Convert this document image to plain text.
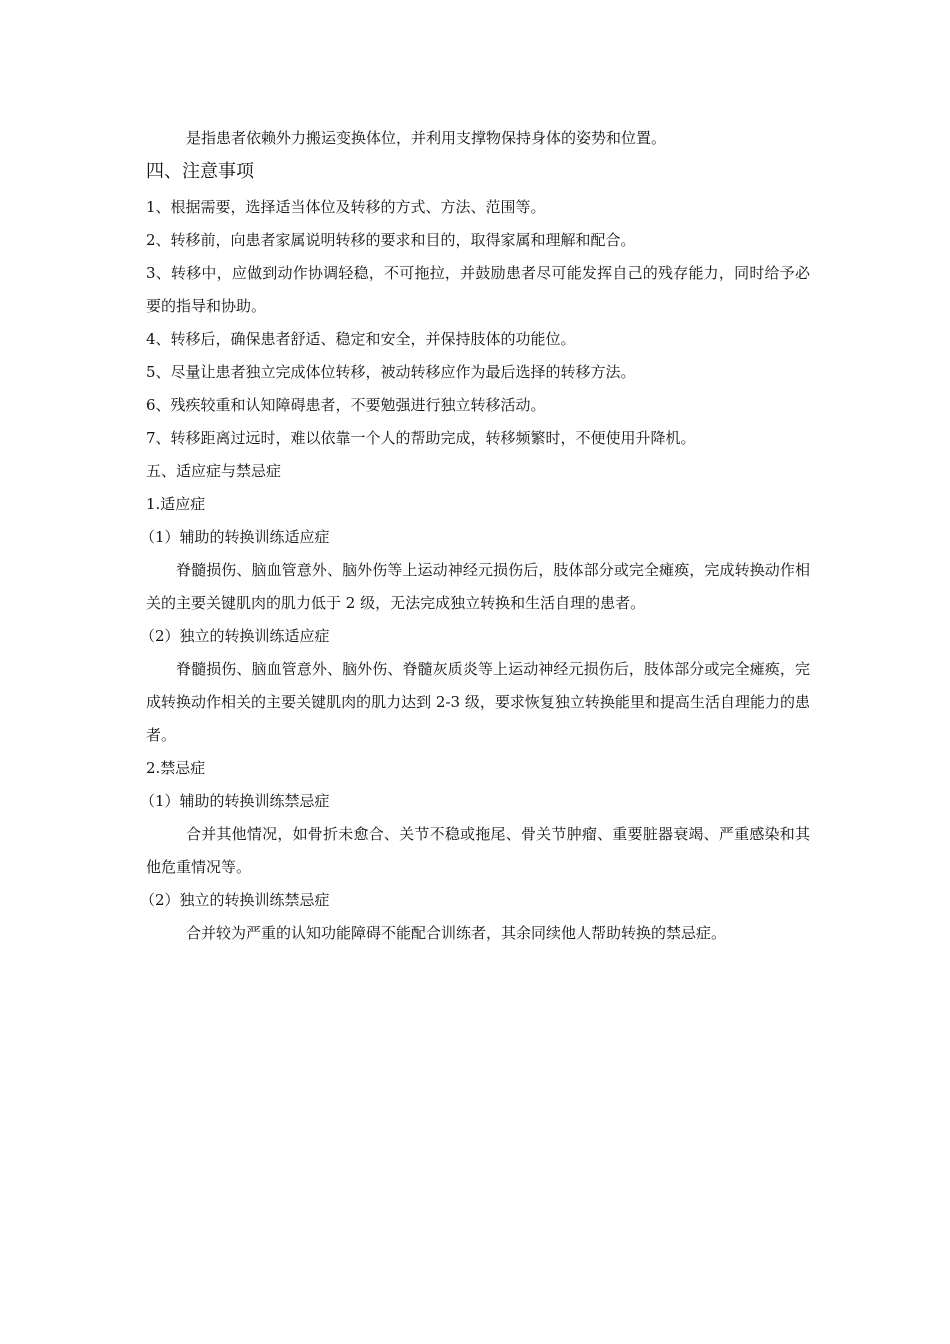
是指患者依赖外力搬运变换体位，并利用支撑物保持身体的姿势和位置。

四、注意事项

1、根据需要，选择适当体位及转移的方式、方法、范围等。

2、转移前，向患者家属说明转移的要求和目的，取得家属和理解和配合。

3、转移中，应做到动作协调轻稳，不可拖拉，并鼓励患者尽可能发挥自己的残存能力，同时给予必要的指导和协助。

4、转移后，确保患者舒适、稳定和安全，并保持肢体的功能位。

5、尽量让患者独立完成体位转移，被动转移应作为最后选择的转移方法。

6、残疾较重和认知障碍患者，不要勉强进行独立转移活动。

7、转移距离过远时，难以依靠一个人的帮助完成，转移频繁时，不便使用升降机。

五、适应症与禁忌症

1.适应症

（1）辅助的转换训练适应症

脊髓损伤、脑血管意外、脑外伤等上运动神经元损伤后，肢体部分或完全瘫痪，完成转换动作相关的主要关键肌肉的肌力低于 2 级，无法完成独立转换和生活自理的患者。

（2）独立的转换训练适应症

脊髓损伤、脑血管意外、脑外伤、脊髓灰质炎等上运动神经元损伤后，肢体部分或完全瘫痪，完成转换动作相关的主要关键肌肉的肌力达到 2-3 级，要求恢复独立转换能里和提高生活自理能力的患者。

2.禁忌症

（1）辅助的转换训练禁忌症

合并其他情况，如骨折未愈合、关节不稳或拖尾、骨关节肿瘤、重要脏器衰竭、严重感染和其他危重情况等。

（2）独立的转换训练禁忌症

合并较为严重的认知功能障碍不能配合训练者，其余同续他人帮助转换的禁忌症。
